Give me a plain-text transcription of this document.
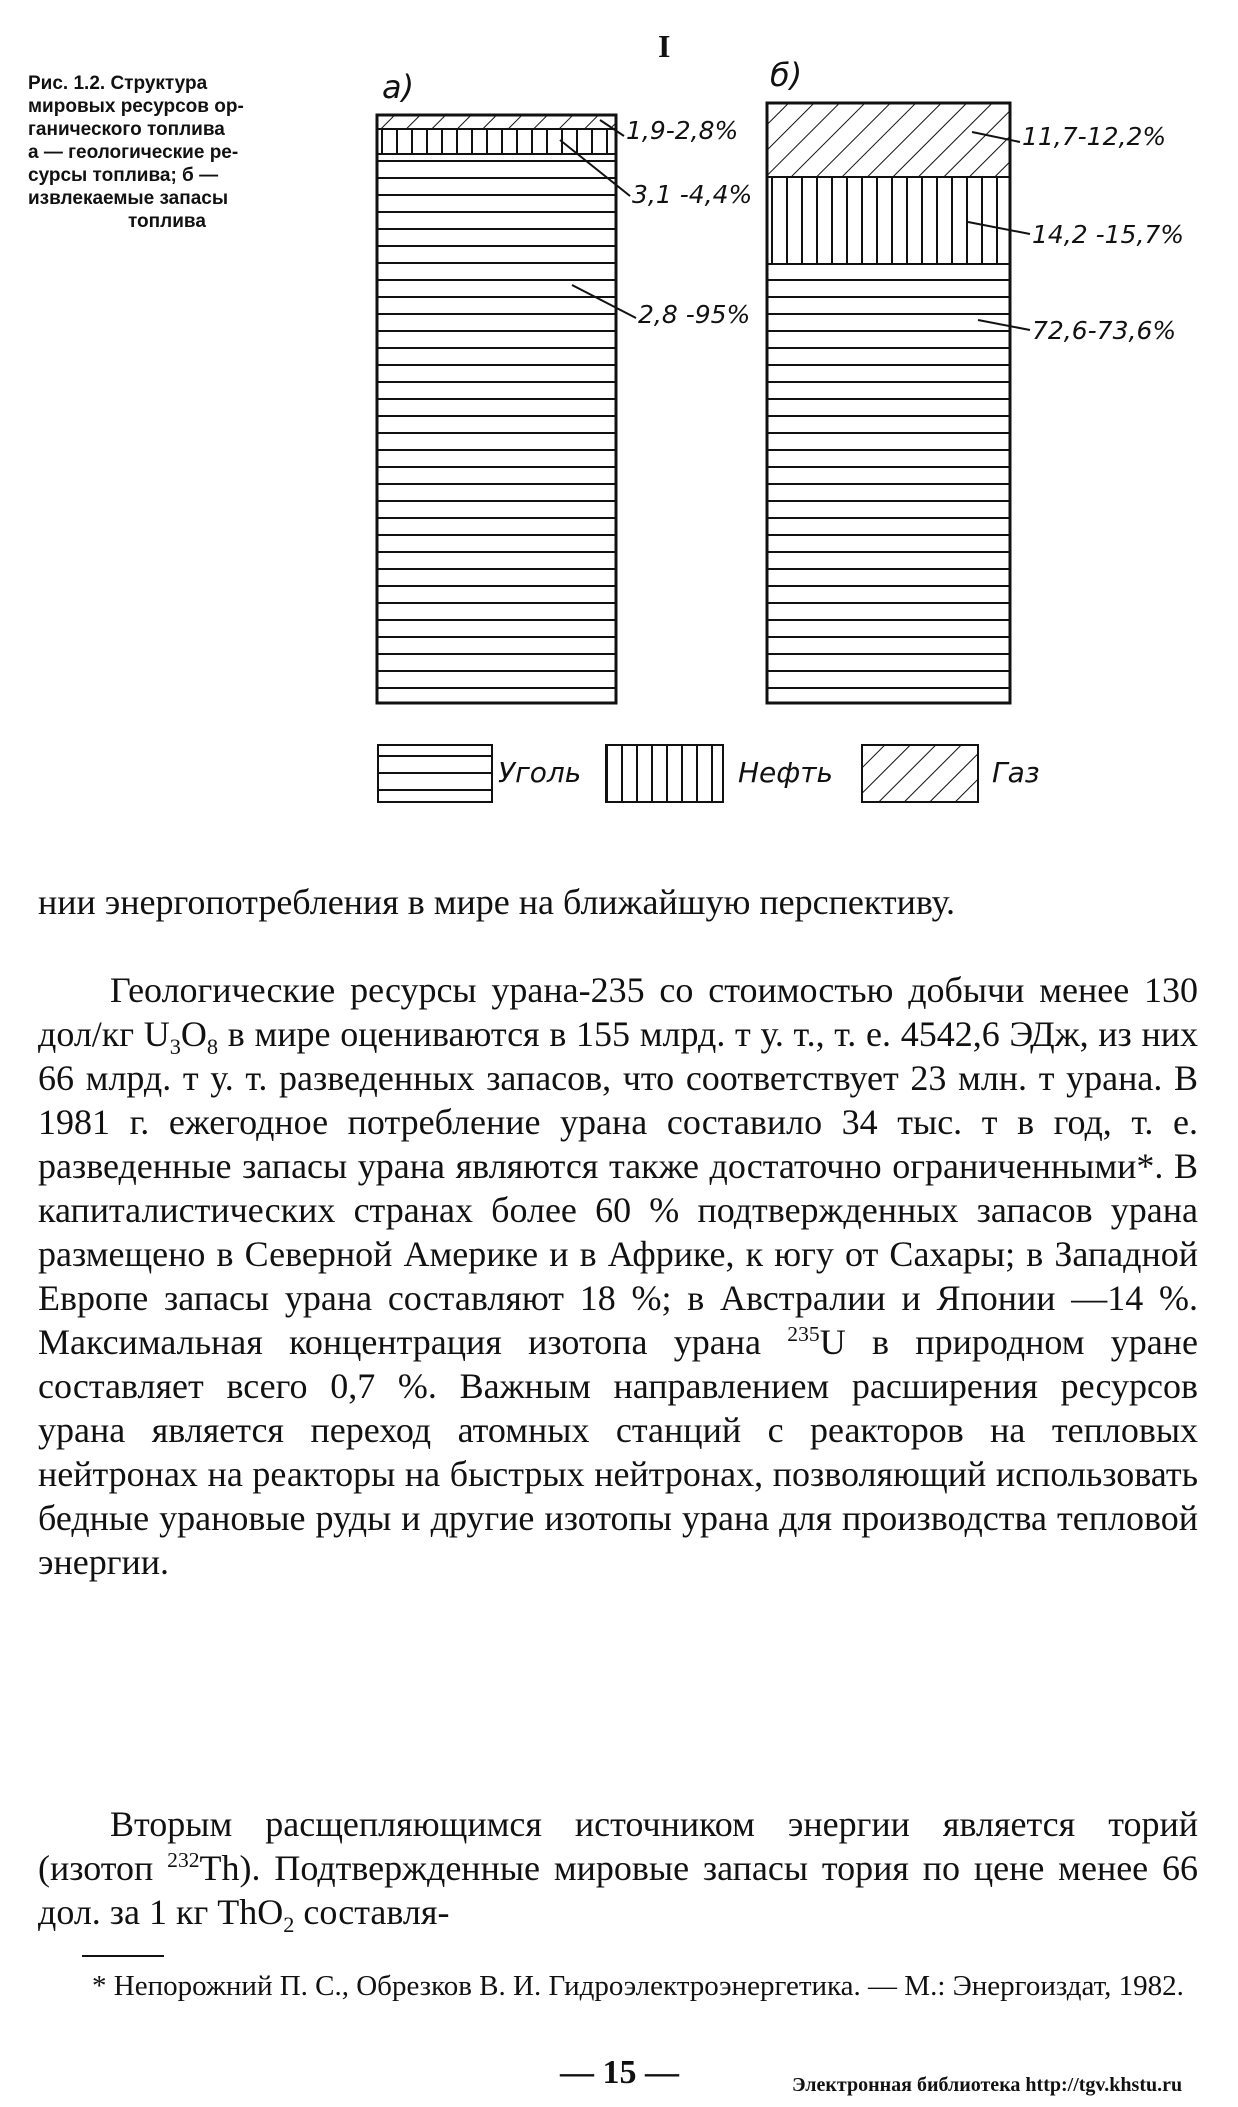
Рис. 1.2. Структура
мировых ресурсов ор-
ганического топлива
а — геологические ре-
сурсы топлива; б —
извлекаемые запасы
топлива
I
а)	б)
1,9-2,8%
3,1 -4,4%
2,8 -95%
11,7-12,2%
14,2 -15,7%
72,6-73,6%
Уголь	Нефть	Газ

нии энергопотребления в мире на ближайшую перспективу.

Геологические ресурсы урана-235 со стоимостью добычи менее 130 дол/кг $U_3O_8$ в мире оцениваются в 155 млрд. т у. т., т. е. 4542,6 ЭДж, из них 66 млрд. т у. т. разведенных запасов, что соответствует 23 млн. т урана. В 1981 г. ежегодное потребление урана составило 34 тыс. т в год, т. е. разведенные запасы урана являются также достаточно ограниченными*. В капиталистических странах более 60 % подтвержденных запасов урана размещено в Северной Америке и в Африке, к югу от Сахары; в Западной Европе запасы урана составляют 18 %; в Австралии и Японии —14 %. Максимальная концентрация изотопа урана $^{235}$U в природном уране составляет всего 0,7 %. Важным направлением расширения ресурсов урана является переход атомных станций с реакторов на тепловых нейтронах на реакторы на быстрых нейтронах, позволяющий использовать бедные урановые руды и другие изотопы урана для производства тепловой энергии.

Вторым расщепляющимся источником энергии является торий (изотоп $^{232}$Th). Подтвержденные мировые запасы тория по цене менее 66 дол. за 1 кг ThO$_2$ составля-

* Непорожний П. С., Обрезков В. И. Гидроэлектроэнергетика. — М.: Энергоиздат, 1982.
— 15 —	Электронная библиотека http://tgv.khstu.ru
